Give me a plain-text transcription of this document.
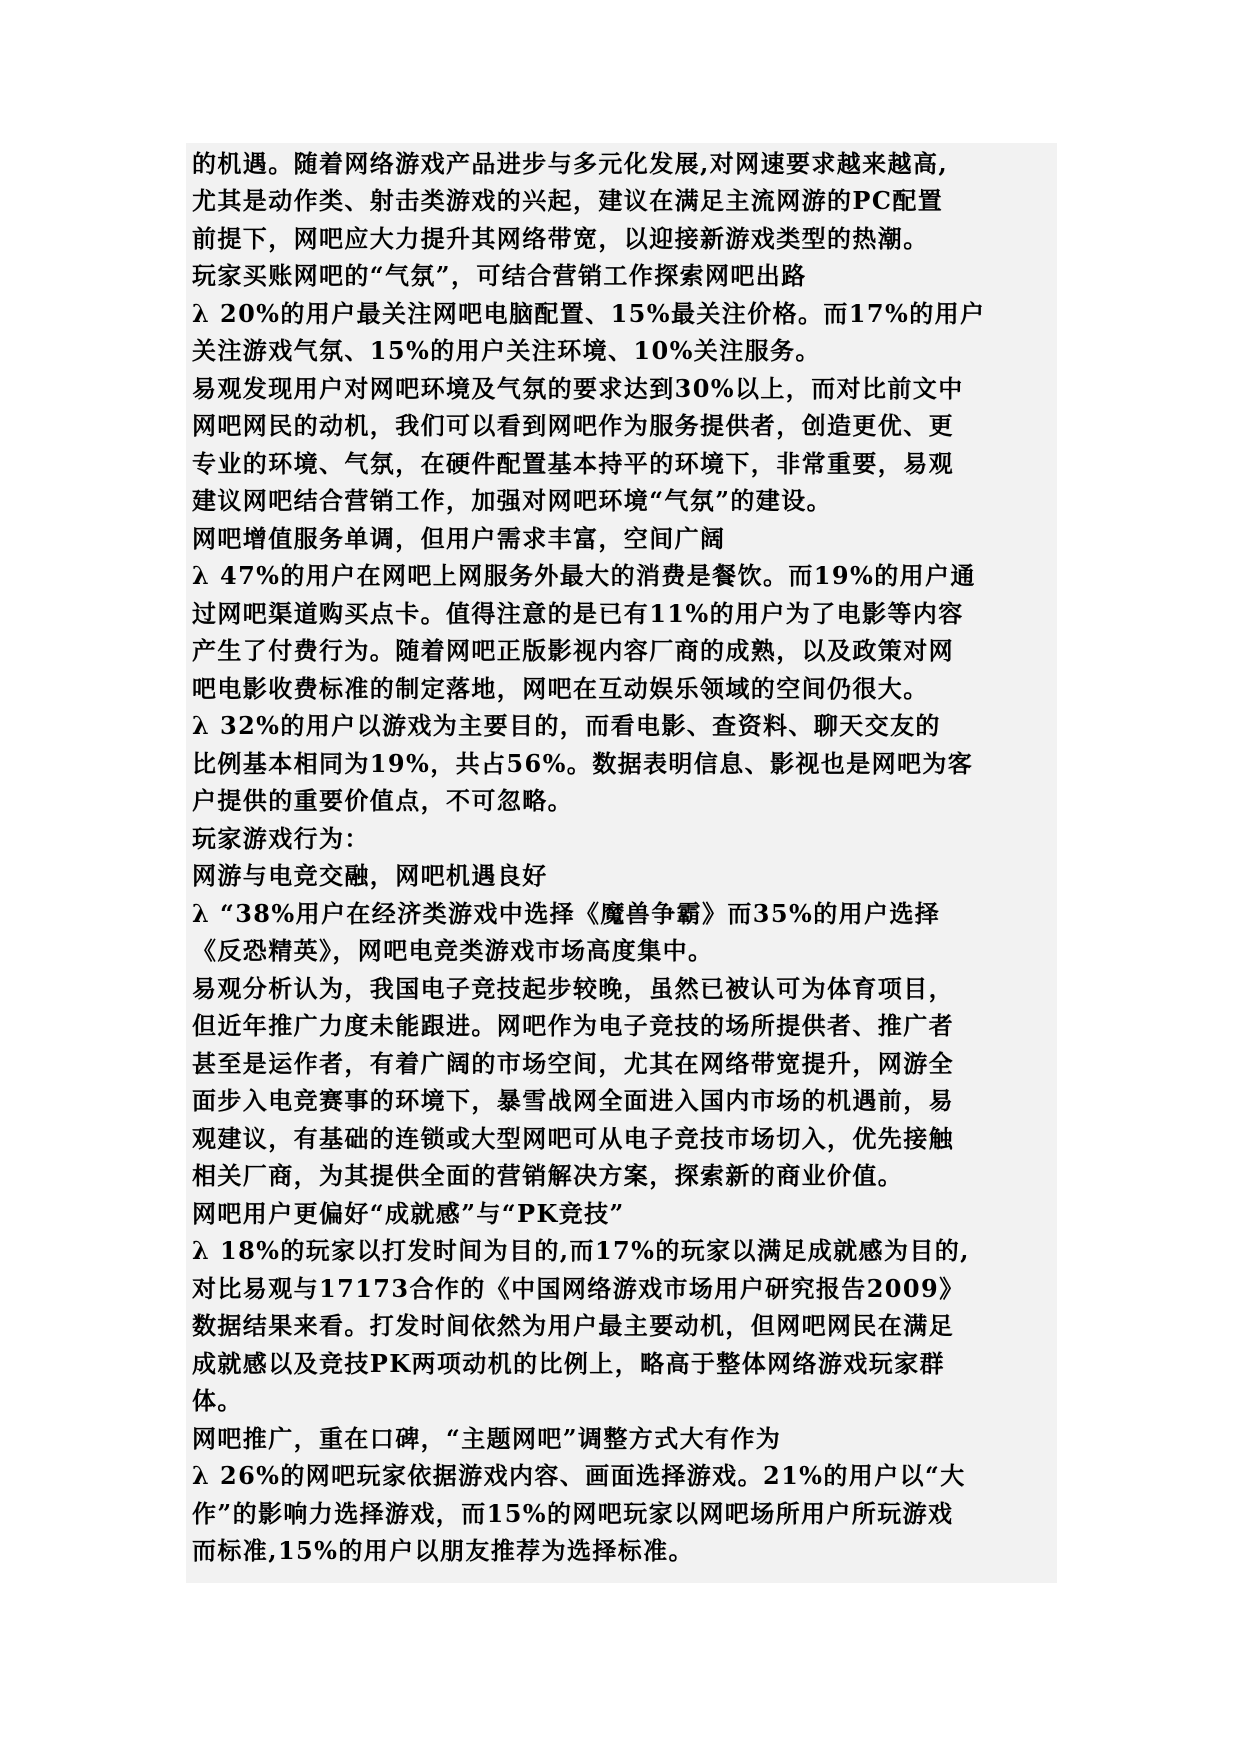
的机遇。随着网络游戏产品进步与多元化发展,对网速要求越来越高,
尤其是动作类、射击类游戏的兴起，建议在满足主流网游的PC配置
前提下，网吧应大力提升其网络带宽，以迎接新游戏类型的热潮。
玩家买账网吧的“气氛”，可结合营销工作探索网吧出路
λ 20%的用户最关注网吧电脑配置、15%最关注价格。而17%的用户
关注游戏气氛、15%的用户关注环境、10%关注服务。
易观发现用户对网吧环境及气氛的要求达到30%以上，而对比前文中
网吧网民的动机，我们可以看到网吧作为服务提供者，创造更优、更
专业的环境、气氛，在硬件配置基本持平的环境下，非常重要，易观
建议网吧结合营销工作，加强对网吧环境“气氛”的建设。
网吧增值服务单调，但用户需求丰富，空间广阔
λ 47%的用户在网吧上网服务外最大的消费是餐饮。而19%的用户通
过网吧渠道购买点卡。值得注意的是已有11%的用户为了电影等内容
产生了付费行为。随着网吧正版影视内容厂商的成熟，以及政策对网
吧电影收费标准的制定落地，网吧在互动娱乐领域的空间仍很大。
λ 32%的用户以游戏为主要目的，而看电影、查资料、聊天交友的
比例基本相同为19%，共占56%。数据表明信息、影视也是网吧为客
户提供的重要价值点，不可忽略。
玩家游戏行为：
网游与电竞交融，网吧机遇良好
λ “38%用户在经济类游戏中选择《魔兽争霸》而35%的用户选择
《反恐精英》，网吧电竞类游戏市场高度集中。
易观分析认为，我国电子竞技起步较晚，虽然已被认可为体育项目，
但近年推广力度未能跟进。网吧作为电子竞技的场所提供者、推广者
甚至是运作者，有着广阔的市场空间，尤其在网络带宽提升，网游全
面步入电竞赛事的环境下，暴雪战网全面进入国内市场的机遇前，易
观建议，有基础的连锁或大型网吧可从电子竞技市场切入，优先接触
相关厂商，为其提供全面的营销解决方案，探索新的商业价值。
网吧用户更偏好“成就感”与“PK竞技”
λ 18%的玩家以打发时间为目的,而17%的玩家以满足成就感为目的,
对比易观与17173合作的《中国网络游戏市场用户研究报告2009》
数据结果来看。打发时间依然为用户最主要动机，但网吧网民在满足
成就感以及竞技PK两项动机的比例上，略高于整体网络游戏玩家群
体。
网吧推广，重在口碑，“主题网吧”调整方式大有作为
λ 26%的网吧玩家依据游戏内容、画面选择游戏。21%的用户以“大
作”的影响力选择游戏，而15%的网吧玩家以网吧场所用户所玩游戏
而标准,15%的用户以朋友推荐为选择标准。
